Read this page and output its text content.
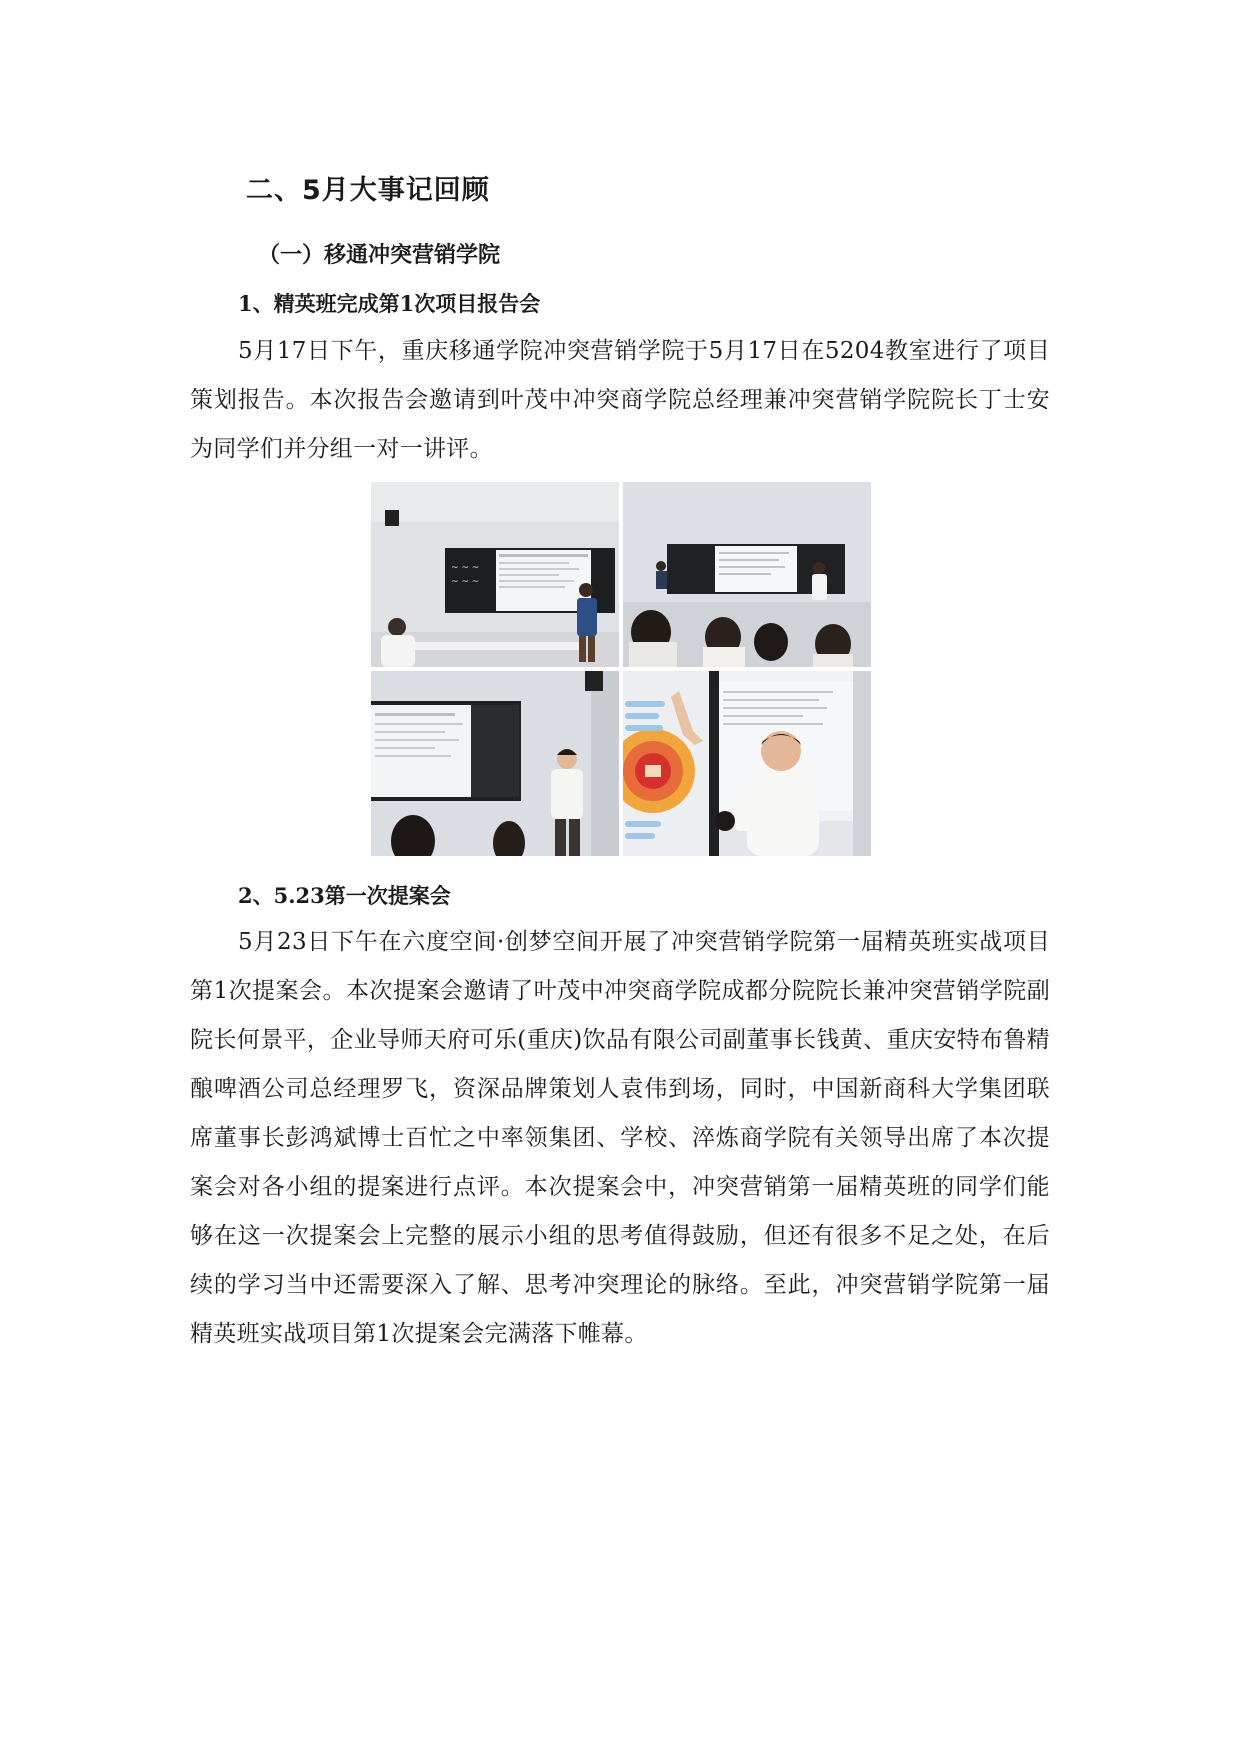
二、5月大事记回顾
（一）移通冲突营销学院
1、精英班完成第1次项目报告会

5月17日下午，重庆移通学院冲突营销学院于5月17日在5204教室进行了项目策划报告。本次报告会邀请到叶茂中冲突商学院总经理兼冲突营销学院院长丁士安为同学们并分组一对一讲评。

~ ~ ~
~ ~ ~
2、5.23第一次提案会

5月23日下午在六度空间·创梦空间开展了冲突营销学院第一届精英班实战项目第1次提案会。本次提案会邀请了叶茂中冲突商学院成都分院院长兼冲突营销学院副院长何景平，企业导师天府可乐(重庆)饮品有限公司副董事长钱黄、重庆安特布鲁精酿啤酒公司总经理罗飞，资深品牌策划人袁伟到场，同时，中国新商科大学集团联席董事长彭鸿斌博士百忙之中率领集团、学校、淬炼商学院有关领导出席了本次提案会对各小组的提案进行点评。本次提案会中，冲突营销第一届精英班的同学们能够在这一次提案会上完整的展示小组的思考值得鼓励，但还有很多不足之处，在后续的学习当中还需要深入了解、思考冲突理论的脉络。至此，冲突营销学院第一届精英班实战项目第1次提案会完满落下帷幕。
